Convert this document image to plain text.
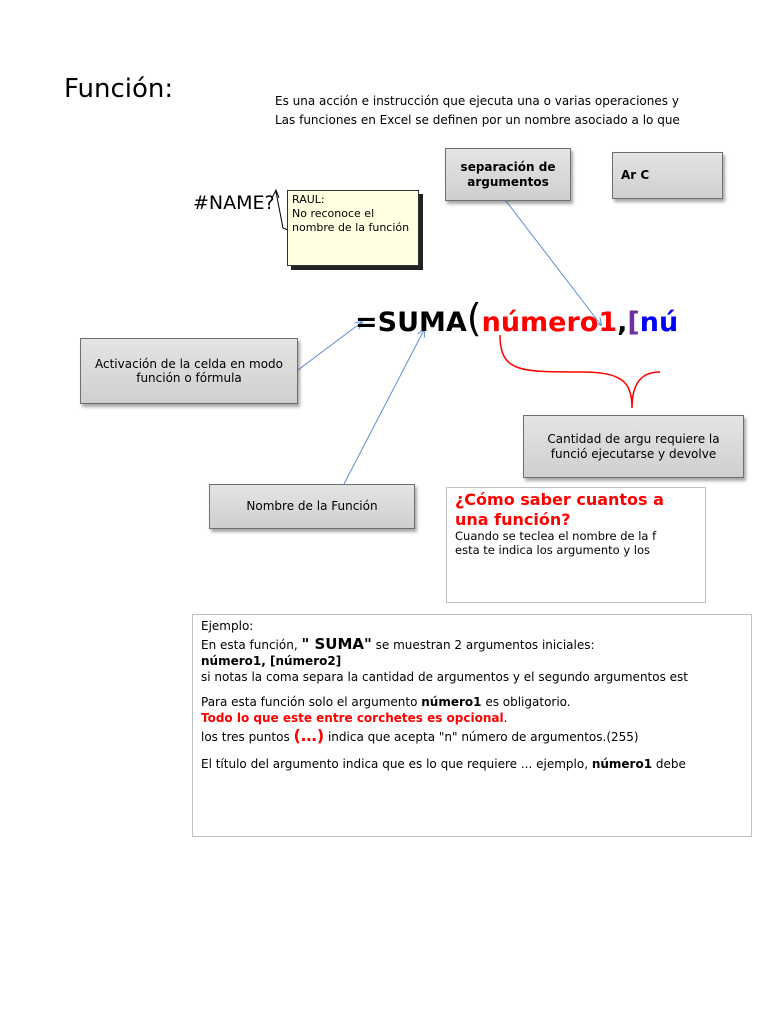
Función:	Es una acción e instrucción que ejecuta una o varias operaciones y
Las funciones en Excel se definen por un nombre asociado a lo que
separación de argumentos	Ar C
#NAME? RAUL:
No reconoce el nombre de la función
=SUMA(número1,[nú
Activación de la celda en modo función o fórmula
Nombre de la Función
Cantidad de argu requiere la funció ejecutarse y devolve
¿Cómo saber cuantos a
una función?
Cuando se teclea el nombre de la f
esta te indica los argumento y los
Ejemplo:
En esta función, " SUMA" se muestran 2 argumentos iniciales:
número1, [número2]
si notas la coma separa la cantidad de argumentos y el segundo argumentos est
Para esta función solo el argumento número1 es obligatorio.
Todo lo que este entre corchetes es opcional.
los tres puntos (…) indica que acepta "n" número de argumentos.(255)
El título del argumento indica que es lo que requiere ... ejemplo, número1 debe
